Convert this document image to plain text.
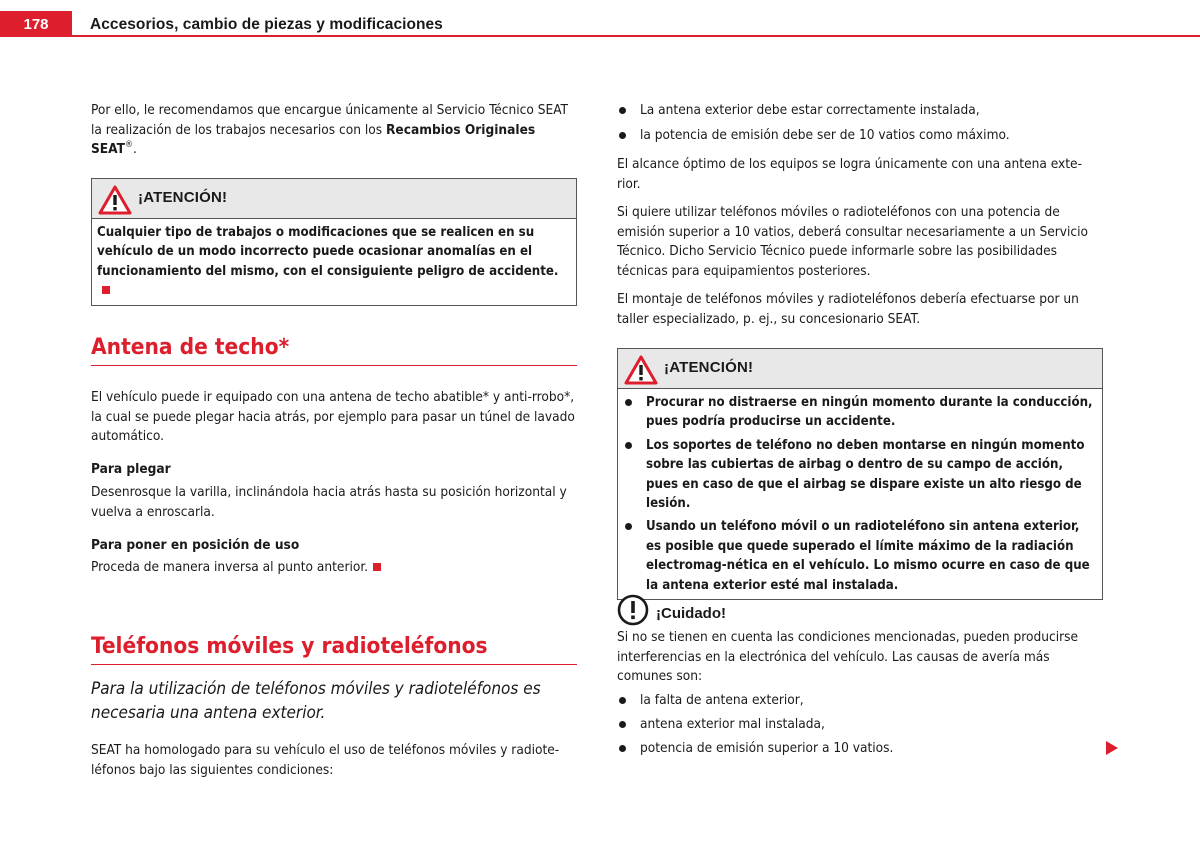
178	Accesorios, cambio de piezas y modificaciones

Por ello, le recomendamos que encargue únicamente al Servicio Técnico SEAT la realización de los trabajos necesarios con los Recambios Originales SEAT®.

¡ATENCIÓN!

Cualquier tipo de trabajos o modificaciones que se realicen en su vehículo de un modo incorrecto puede ocasionar anomalías en el funcionamiento del mismo, con el consiguiente peligro de accidente.

Antena de techo*

El vehículo puede ir equipado con una antena de techo abatible* y anti-rrobo*, la cual se puede plegar hacia atrás, por ejemplo para pasar un túnel de lavado automático.

Para plegar

Desenrosque la varilla, inclinándola hacia atrás hasta su posición horizontal y vuelva a enroscarla.

Para poner en posición de uso

Proceda de manera inversa al punto anterior.

Teléfonos móviles y radioteléfonos

Para la utilización de teléfonos móviles y radioteléfonos es necesaria una antena exterior.

SEAT ha homologado para su vehículo el uso de teléfonos móviles y radiote-léfonos bajo las siguientes condiciones:

La antena exterior debe estar correctamente instalada,
la potencia de emisión debe ser de 10 vatios como máximo.

El alcance óptimo de los equipos se logra únicamente con una antena exte-rior.

Si quiere utilizar teléfonos móviles o radioteléfonos con una potencia de emisión superior a 10 vatios, deberá consultar necesariamente a un Servicio Técnico. Dicho Servicio Técnico puede informarle sobre las posibilidades técnicas para equipamientos posteriores.

El montaje de teléfonos móviles y radioteléfonos debería efectuarse por un taller especializado, p. ej., su concesionario SEAT.

¡ATENCIÓN!

Procurar no distraerse en ningún momento durante la conducción, pues podría producirse un accidente.

Los soportes de teléfono no deben montarse en ningún momento sobre las cubiertas de airbag o dentro de su campo de acción, pues en caso de que el airbag se dispare existe un alto riesgo de lesión.

Usando un teléfono móvil o un radioteléfono sin antena exterior, es posible que quede superado el límite máximo de la radiación electromag-nética en el vehículo. Lo mismo ocurre en caso de que la antena exterior esté mal instalada.

¡Cuidado!

Si no se tienen en cuenta las condiciones mencionadas, pueden producirse interferencias en la electrónica del vehículo. Las causas de avería más comunes son:

la falta de antena exterior,
antena exterior mal instalada,
potencia de emisión superior a 10 vatios.
